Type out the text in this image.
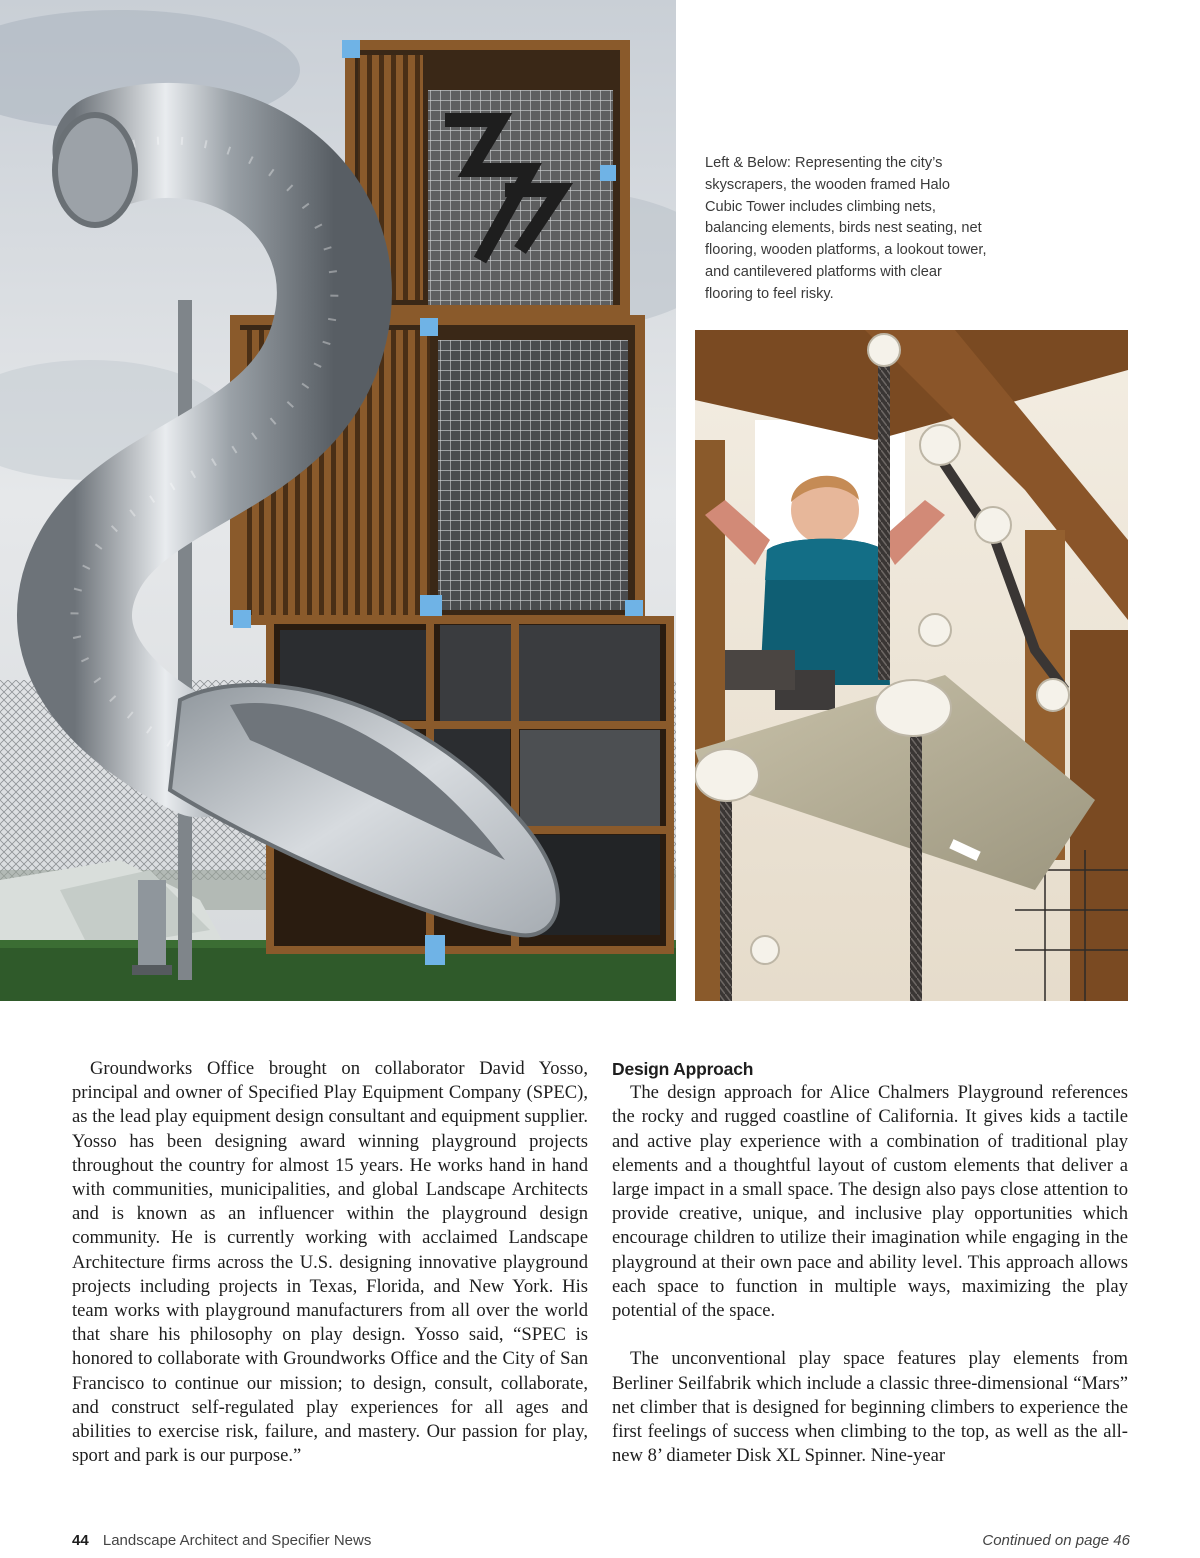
Left & Below: Representing the city’s skyscrapers, the wooden framed Halo Cubic Tower includes climbing nets, balancing elements, birds nest seating, net flooring, wooden platforms, a lookout tower, and cantilevered platforms with clear flooring to feel risky.

Groundworks Office brought on collaborator David Yosso, principal and owner of Specified Play Equipment Company (SPEC), as the lead play equipment design consultant and equipment supplier. Yosso has been designing award winning playground projects throughout the country for almost 15 years. He works hand in hand with communities, municipalities, and global Landscape Architects and is known as an influencer within the playground design community. He is currently working with acclaimed Landscape Architecture firms across the U.S. designing innovative playground projects including projects in Texas, Florida, and New York. His team works with playground manufacturers from all over the world that share his philosophy on play design. Yosso said, “SPEC is honored to collaborate with Groundworks Office and the City of San Francisco to continue our mission; to design, consult, collaborate, and construct self-regulated play experiences for all ages and abilities to exercise risk, failure, and mastery. Our passion for play, sport and park is our purpose.”

Design Approach

The design approach for Alice Chalmers Playground references the rocky and rugged coastline of California. It gives kids a tactile and active play experience with a combination of traditional play elements and a thoughtful layout of custom elements that deliver a large impact in a small space. The design also pays close attention to provide creative, unique, and inclusive play opportunities which encourage children to utilize their imagination while engaging in the playground at their own pace and ability level. This approach allows each space to function in multiple ways, maximizing the play potential of the space.

The unconventional play space features play elements from Berliner Seilfabrik which include a classic three-dimensional “Mars” net climber that is designed for beginning climbers to experience the first feelings of success when climbing to the top, as well as the all-new 8’ diameter Disk XL Spinner. Nine-year

44 Landscape Architect and Specifier News	Continued on page 46
